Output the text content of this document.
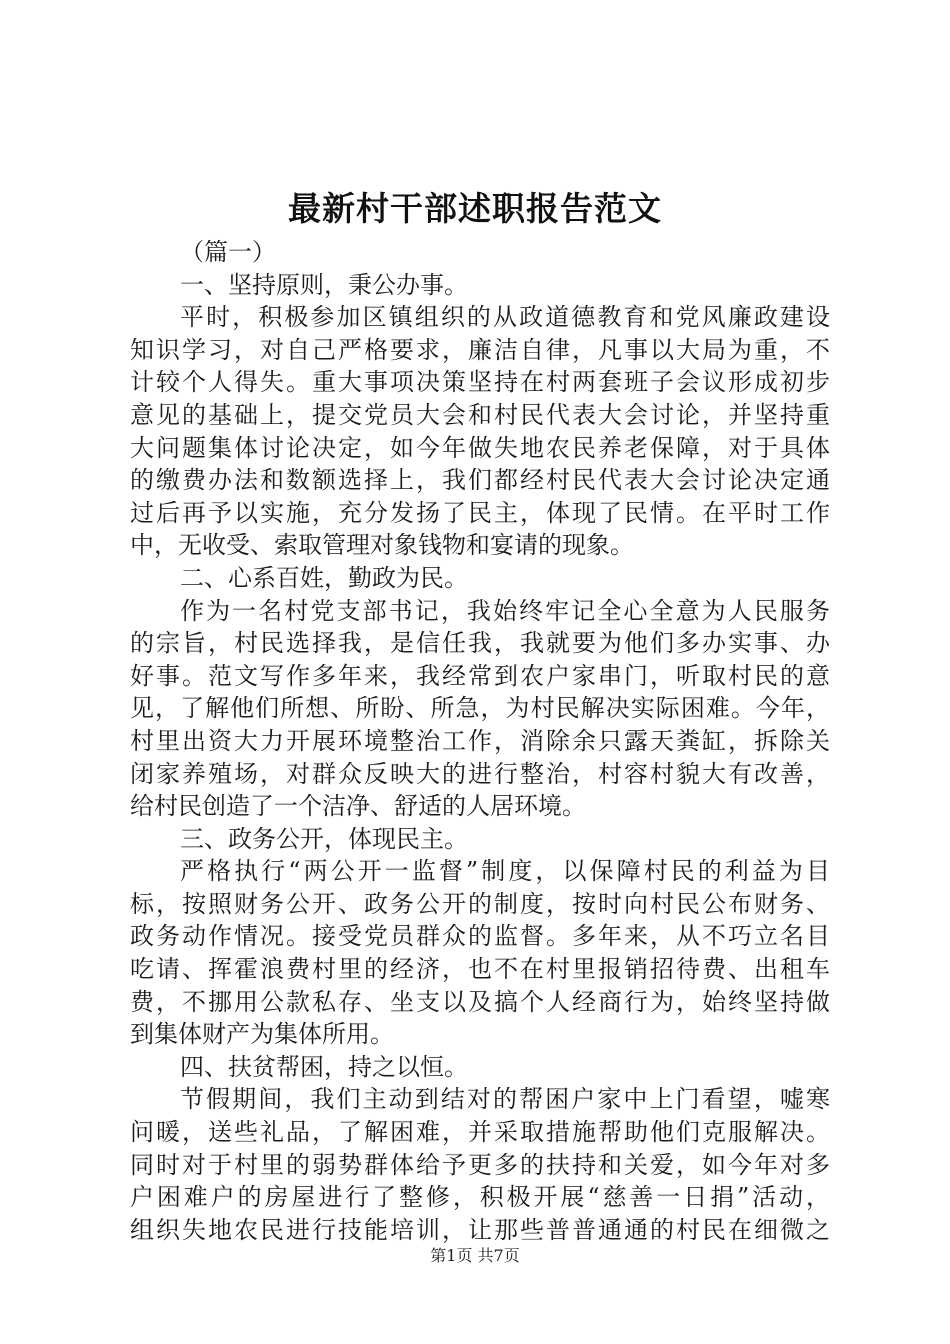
最新村干部述职报告范文
（篇一）
一、坚持原则，秉公办事。
平时，积极参加区镇组织的从政道德教育和党风廉政建设
知识学习，对自己严格要求，廉洁自律，凡事以大局为重，不
计较个人得失。重大事项决策坚持在村两套班子会议形成初步
意见的基础上，提交党员大会和村民代表大会讨论，并坚持重
大问题集体讨论决定，如今年做失地农民养老保障，对于具体
的缴费办法和数额选择上，我们都经村民代表大会讨论决定通
过后再予以实施，充分发扬了民主，体现了民情。在平时工作
中，无收受、索取管理对象钱物和宴请的现象。
二、心系百姓，勤政为民。
作为一名村党支部书记，我始终牢记全心全意为人民服务
的宗旨，村民选择我，是信任我，我就要为他们多办实事、办
好事。范文写作多年来，我经常到农户家串门，听取村民的意
见，了解他们所想、所盼、所急，为村民解决实际困难。今年，
村里出资大力开展环境整治工作，消除余只露天粪缸，拆除关
闭家养殖场，对群众反映大的进行整治，村容村貌大有改善，
给村民创造了一个洁净、舒适的人居环境。
三、政务公开，体现民主。
严格执行“两公开一监督”制度，以保障村民的利益为目
标，按照财务公开、政务公开的制度，按时向村民公布财务、
政务动作情况。接受党员群众的监督。多年来，从不巧立名目
吃请、挥霍浪费村里的经济，也不在村里报销招待费、出租车
费，不挪用公款私存、坐支以及搞个人经商行为，始终坚持做
到集体财产为集体所用。
四、扶贫帮困，持之以恒。
节假期间，我们主动到结对的帮困户家中上门看望，嘘寒
问暖，送些礼品，了解困难，并采取措施帮助他们克服解决。
同时对于村里的弱势群体给予更多的扶持和关爱，如今年对多
户困难户的房屋进行了整修，积极开展“慈善一日捐”活动，
组织失地农民进行技能培训，让那些普普通通的村民在细微之
第1页 共7页
